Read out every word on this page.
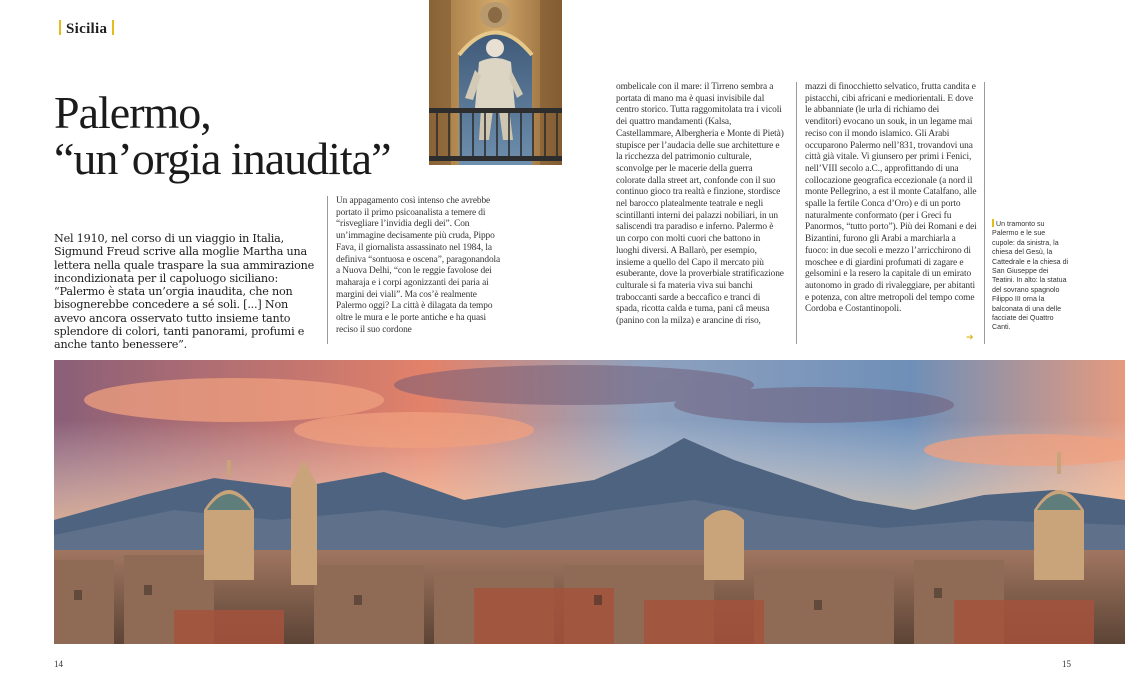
Sicilia
Palermo,
“un’orgia inaudita”

Nel 1910, nel corso di un viaggio in Italia, Sigmund Freud scrive alla moglie Martha una lettera nella quale traspare la sua ammirazione incondizionata per il capoluogo siciliano: “Palermo è stata un’orgia inaudita, che non bisognerebbe concedere a sé soli. [...] Non avevo ancora osservato tutto insieme tanto splendore di colori, tanti panorami, profumi e anche tanto benessere”.

Un appagamento così intenso che avrebbe portato il primo psicoanalista a temere di “risvegliare l’invidia degli dei”. Con un’immagine decisamente più cruda, Pippo Fava, il giornalista assassinato nel 1984, la definiva “sontuosa e oscena”, paragonandola a Nuova Delhi, “con le reggie favolose dei maharaja e i corpi agonizzanti dei paria ai margini dei viali”. Ma cos’è realmente Palermo oggi? La città è dilagata da tempo oltre le mura e le porte antiche e ha quasi reciso il suo cordone

ombelicale con il mare: il Tirreno sembra a portata di mano ma è quasi invisibile dal centro storico. Tutta raggomitolata tra i vicoli dei quattro mandamenti (Kalsa, Castellammare, Albergheria e Monte di Pietà) stupisce per l’audacia delle sue architetture e la ricchezza del patrimonio culturale, sconvolge per le macerie della guerra colorate dalla street art, confonde con il suo continuo gioco tra realtà e finzione, stordisce nel barocco platealmente teatrale e negli scintillanti interni dei palazzi nobiliari, in un saliscendi tra paradiso e inferno. Palermo è un corpo con molti cuori che battono in luoghi diversi. A Ballarò, per esempio, insieme a quello del Capo il mercato più esuberante, dove la proverbiale stratificazione culturale si fa materia viva sui banchi traboccanti sarde a beccafico e tranci di spada, ricotta calda e tuma, pani câ meusa (panino con la milza) e arancine di riso,

mazzi di finocchietto selvatico, frutta candita e pistacchi, cibi africani e mediorientali. E dove le abbanniate (le urla di richiamo dei venditori) evocano un souk, in un legame mai reciso con il mondo islamico. Gli Arabi occuparono Palermo nell’831, trovandovi una città già vitale. Vi giunsero per primi i Fenici, nell’VIII secolo a.C., approfittando di una collocazione geografica eccezionale (a nord il monte Pellegrino, a est il monte Catalfano, alle spalle la fertile Conca d’Oro) e di un porto naturalmente conformato (per i Greci fu Panormos, “tutto porto”). Più dei Romani e dei Bizantini, furono gli Arabi a marchiarla a fuoco: in due secoli e mezzo l’arricchirono di moschee e di giardini profumati di zagare e gelsomini e la resero la capitale di un emirato autonomo in grado di rivaleggiare, per abitanti e potenza, con altre metropoli del tempo come Cordoba e Costantinopoli.

➔

Un tramonto su Palermo e le sue cupole: da sinistra, la chiesa del Gesù, la Cattedrale e la chiesa di San Giuseppe dei Teatini. In alto: la statua del sovrano spagnolo Filippo III orna la balconata di una delle facciate dei Quattro Canti.

14	15
